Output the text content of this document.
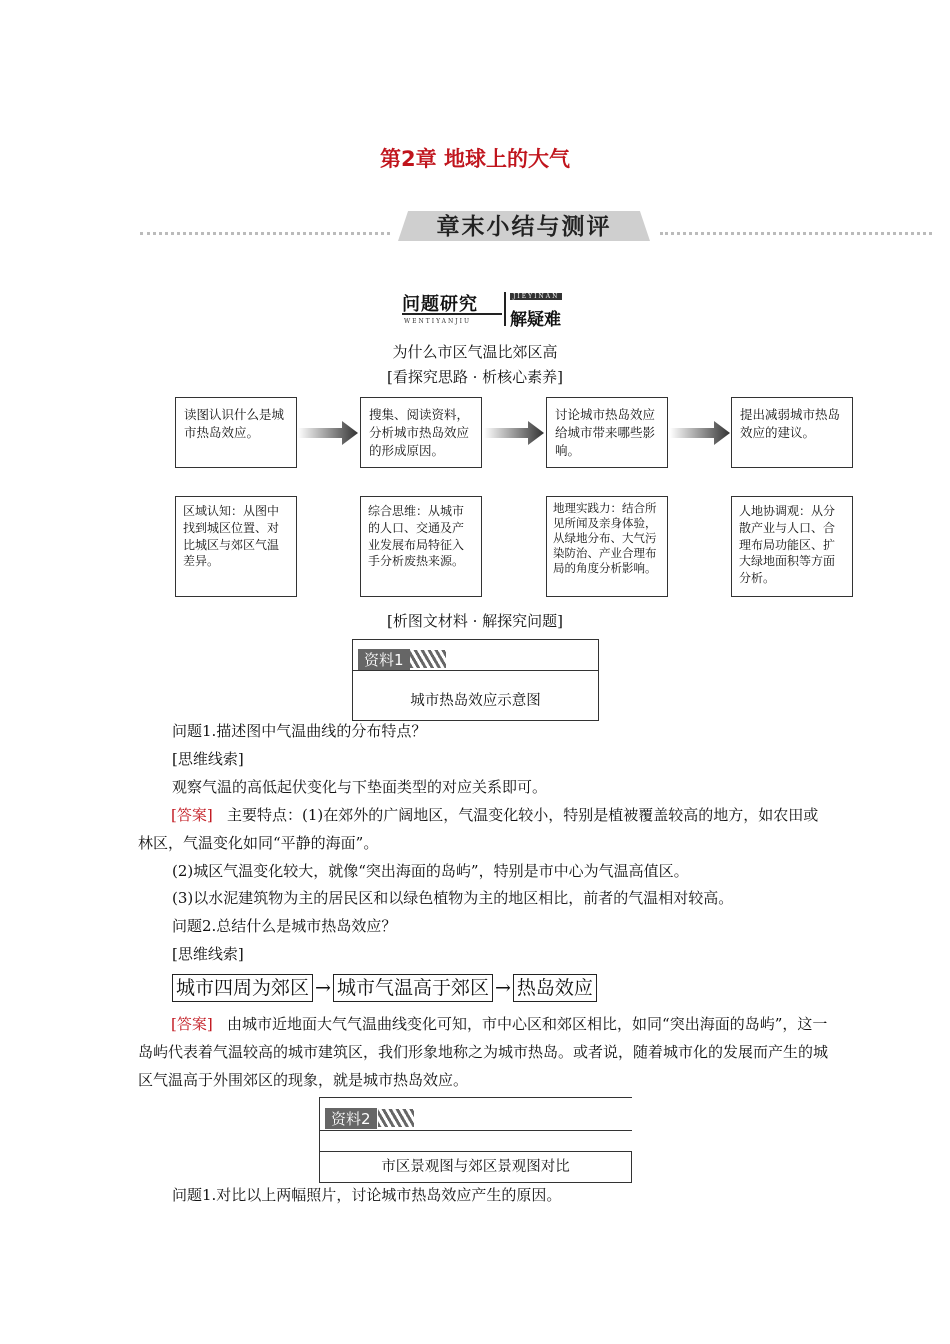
第2章 地球上的大气
章末小结与测评
问题研究	JIEYINAN
解疑难
WENTIYANJIU
为什么市区气温比郊区高
[看探究思路 · 析核心素养]
读图认识什么是城市热岛效应。
搜集、阅读资料，分析城市热岛效应的形成原因。
讨论城市热岛效应给城市带来哪些影响。
提出减弱城市热岛效应的建议。
区域认知：从图中找到城区位置、对比城区与郊区气温差异。
综合思维：从城市的人口、交通及产业发展布局特征入手分析废热来源。
地理实践力：结合所见所闻及亲身体验，从绿地分布、大气污染防治、产业合理布局的角度分析影响。
人地协调观：从分散产业与人口、合理布局功能区、扩大绿地面积等方面分析。
[析图文材料 · 解探究问题]
资料1
城市热岛效应示意图
问题1.描述图中气温曲线的分布特点？
[思维线索]
观察气温的高低起伏变化与下垫面类型的对应关系即可。
[答案] 主要特点：(1)在郊外的广阔地区，气温变化较小，特别是植被覆盖较高的地方，如农田或林区，气温变化如同“平静的海面”。
(2)城区气温变化较大，就像“突出海面的岛屿”，特别是市中心为气温高值区。
(3)以水泥建筑物为主的居民区和以绿色植物为主的地区相比，前者的气温相对较高。
问题2.总结什么是城市热岛效应？
[思维线索]
城市四周为郊区 → 城市气温高于郊区 → 热岛效应
[答案] 由城市近地面大气气温曲线变化可知，市中心区和郊区相比，如同“突出海面的岛屿”，这一岛屿代表着气温较高的城市建筑区，我们形象地称之为城市热岛。或者说，随着城市化的发展而产生的城区气温高于外围郊区的现象，就是城市热岛效应。
资料2
市区景观图与郊区景观图对比
问题1.对比以上两幅照片，讨论城市热岛效应产生的原因。
